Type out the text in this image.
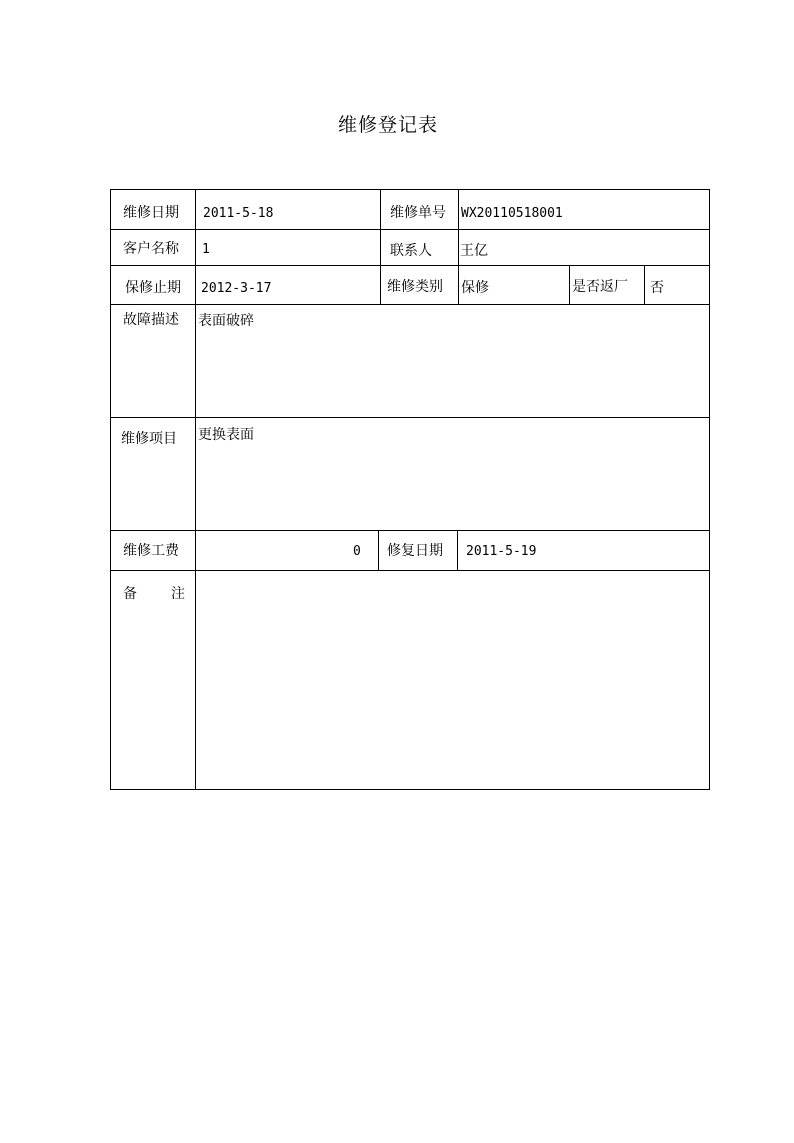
维修登记表
维修日期 2011-5-18	维修单号 WX20110518001
客户名称 1	联系人 王亿
保修止期 2012-3-17	维修类别 保修	是否返厂 否
故障描述 表面破碎
维修项目 更换表面
维修工费	0 修复日期 2011-5-19
备 注
